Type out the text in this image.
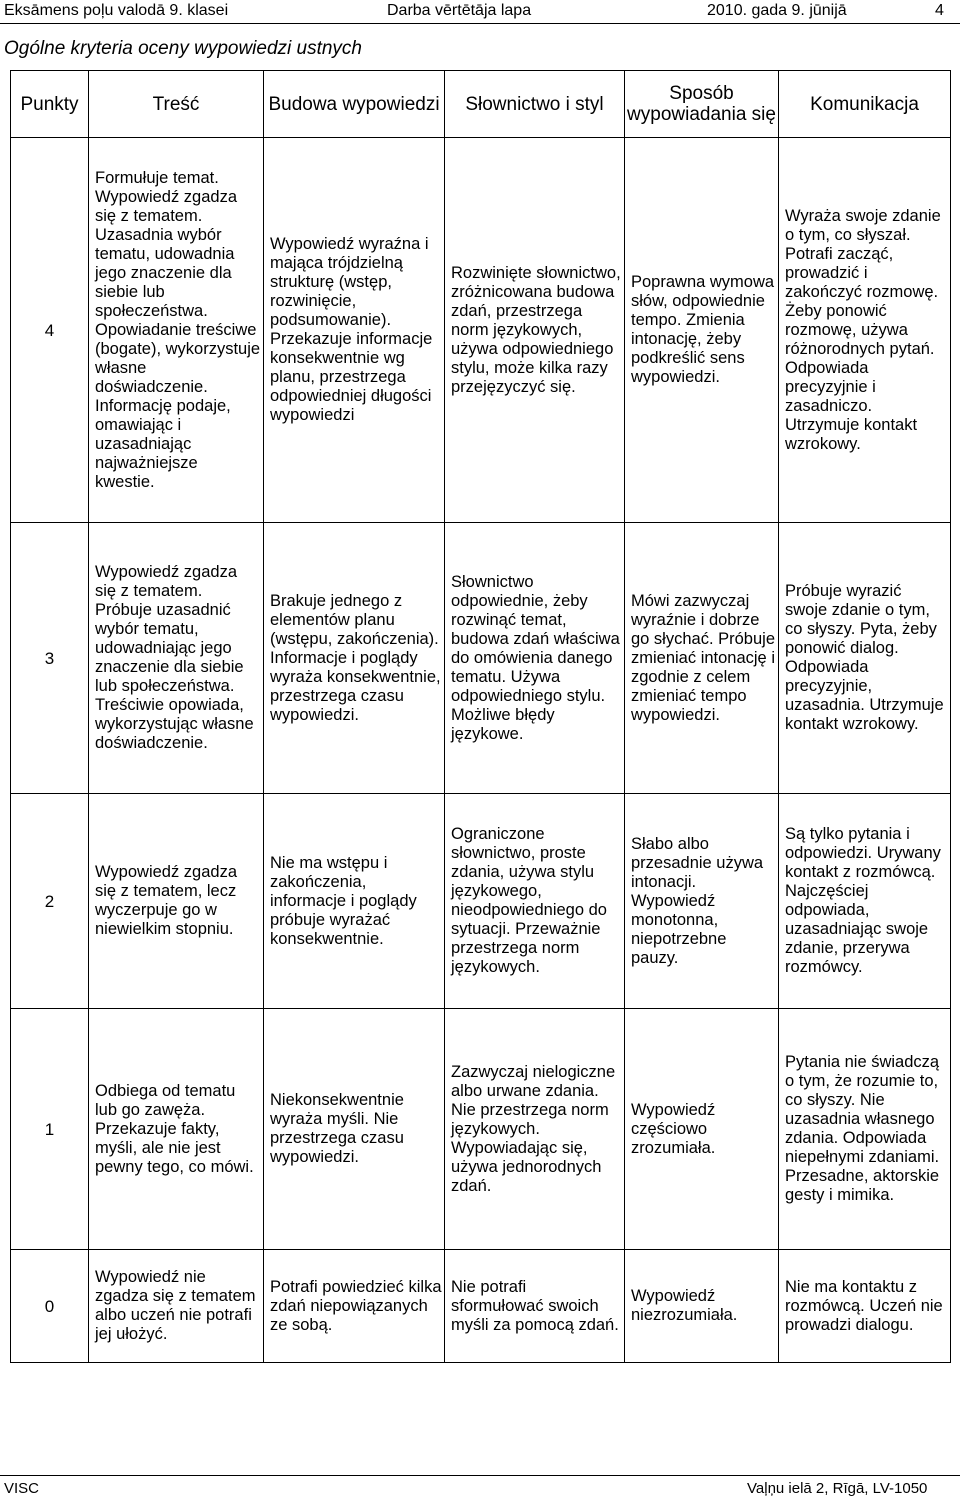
Eksāmens poļu valodā 9. klasei	Darba vērtētāja lapa	2010. gada 9. jūnijā	4
Ogólne kryteria oceny wypowiedzi ustnych
Punkty	Treść	Budowa wypowiedzi	Słownictwo i styl	Sposób wypowiadania się	Komunikacja
4	Formułuje temat. Wypowiedź zgadza się z tematem. Uzasadnia wybór tematu, udowadnia jego znaczenie dla siebie lub społeczeństwa. Opowiadanie treściwe (bogate), wykorzystuje własne doświadczenie. Informację podaje, omawiając i uzasadniając najważniejsze kwestie.	Wypowiedź wyraźna i mająca trójdzielną strukturę (wstęp, rozwinięcie, podsumowanie). Przekazuje informacje konsekwentnie wg planu, przestrzega odpowiedniej długości wypowiedzi	Rozwinięte słownictwo, zróżnicowana budowa zdań, przestrzega norm językowych, używa odpowiedniego stylu, może kilka razy przejęzyczyć się.	Poprawna wymowa słów, odpowiednie tempo. Zmienia intonację, żeby podkreślić sens wypowiedzi.	Wyraża swoje zdanie o tym, co słyszał. Potrafi zacząć, prowadzić i zakończyć rozmowę. Żeby ponowić rozmowę, używa różnorodnych pytań. Odpowiada precyzyjnie i zasadniczo. Utrzymuje kontakt wzrokowy.
3	Wypowiedź zgadza się z tematem. Próbuje uzasadnić wybór tematu, udowadniając jego znaczenie dla siebie lub społeczeństwa. Treściwie opowiada, wykorzystując własne doświadczenie.	Brakuje jednego z elementów planu (wstępu, zakończenia). Informacje i poglądy wyraża konsekwentnie, przestrzega czasu wypowiedzi.	Słownictwo odpowiednie, żeby rozwinąć temat, budowa zdań właściwa do omówienia danego tematu. Używa odpowiedniego stylu. Możliwe błędy językowe.	Mówi zazwyczaj wyraźnie i dobrze go słychać. Próbuje zmieniać intonację i zgodnie z celem zmieniać tempo wypowiedzi.	Próbuje wyrazić swoje zdanie o tym, co słyszy. Pyta, żeby ponowić dialog. Odpowiada precyzyjnie, uzasadnia. Utrzymuje kontakt wzrokowy.
2	Wypowiedź zgadza się z tematem, lecz wyczerpuje go w niewielkim stopniu.	Nie ma wstępu i zakończenia, informacje i poglądy próbuje wyrażać konsekwentnie.	Ograniczone słownictwo, proste zdania, używa stylu językowego, nieodpowiedniego do sytuacji. Przeważnie przestrzega norm językowych.	Słabo albo przesadnie używa intonacji. Wypowiedź monotonna, niepotrzebne pauzy.	Są tylko pytania i odpowiedzi. Urywany kontakt z rozmówcą. Najczęściej odpowiada, uzasadniając swoje zdanie, przerywa rozmówcy.
1	Odbiega od tematu lub go zawęża. Przekazuje fakty, myśli, ale nie jest pewny tego, co mówi.	Niekonsekwentnie wyraża myśli. Nie przestrzega czasu wypowiedzi.	Zazwyczaj nielogiczne albo urwane zdania. Nie przestrzega norm językowych. Wypowiadając się, używa jednorodnych zdań.	Wypowiedź częściowo zrozumiała.	Pytania nie świadczą o tym, że rozumie to, co słyszy. Nie uzasadnia własnego zdania. Odpowiada niepełnymi zdaniami. Przesadne, aktorskie gesty i mimika.
0	Wypowiedź nie zgadza się z tematem albo uczeń nie potrafi jej ułożyć.	Potrafi powiedzieć kilka zdań niepowiązanych ze sobą.	Nie potrafi sformułować swoich myśli za pomocą zdań.	Wypowiedź niezrozumiała.	Nie ma kontaktu z rozmówcą. Uczeń nie prowadzi dialogu.
VISC	Vaļņu ielā 2, Rīgā, LV-1050
